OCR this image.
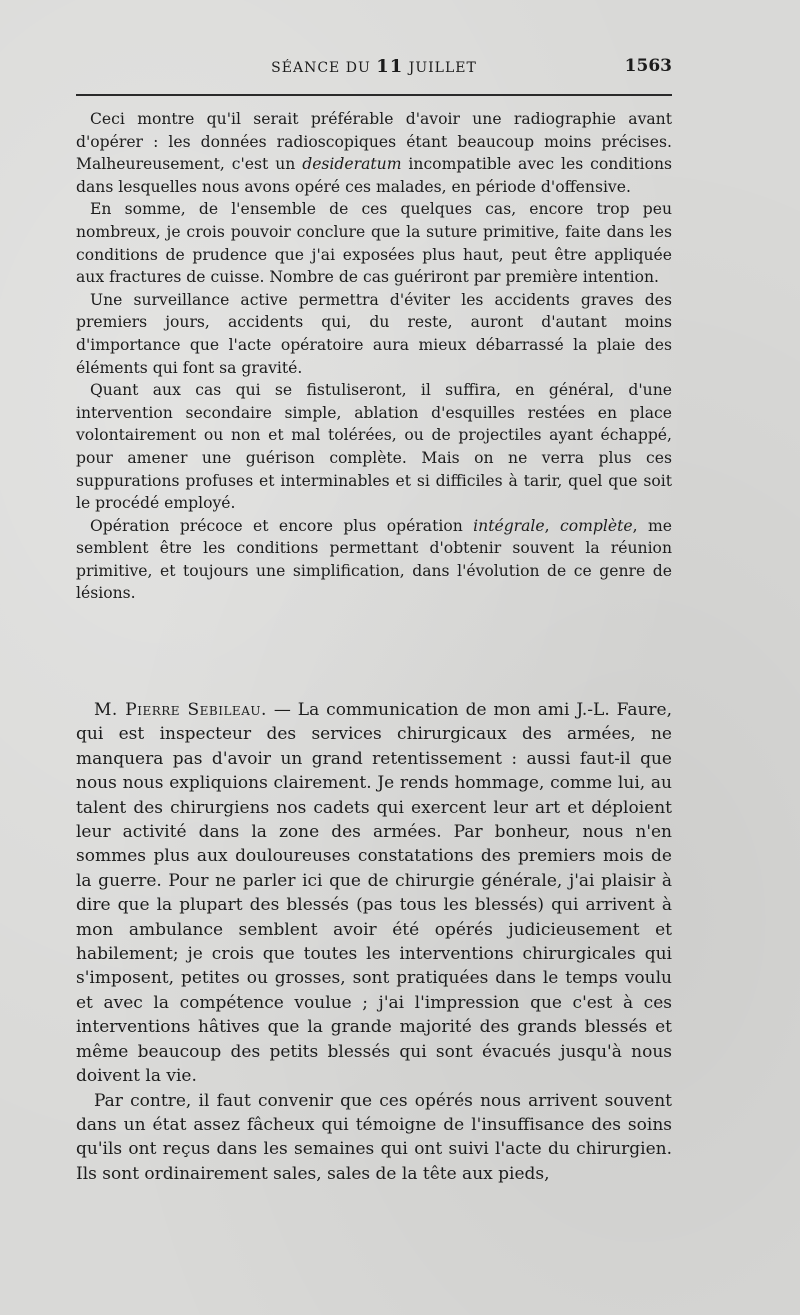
SÉANCE DU 11 JUILLET	1563

Ceci montre qu'il serait préférable d'avoir une radiographie avant d'opérer : les données radioscopiques étant beaucoup moins précises. Malheureusement, c'est un desideratum incompatible avec les conditions dans lesquelles nous avons opéré ces malades, en période d'offensive.

En somme, de l'ensemble de ces quelques cas, encore trop peu nombreux, je crois pouvoir conclure que la suture primitive, faite dans les conditions de prudence que j'ai exposées plus haut, peut être appliquée aux fractures de cuisse. Nombre de cas guériront par première intention.

Une surveillance active permettra d'éviter les accidents graves des premiers jours, accidents qui, du reste, auront d'autant moins d'importance que l'acte opératoire aura mieux débarrassé la plaie des éléments qui font sa gravité.

Quant aux cas qui se fistuliseront, il suffira, en général, d'une intervention secondaire simple, ablation d'esquilles restées en place volontairement ou non et mal tolérées, ou de projectiles ayant échappé, pour amener une guérison complète. Mais on ne verra plus ces suppurations profuses et interminables et si difficiles à tarir, quel que soit le procédé employé.

Opération précoce et encore plus opération intégrale, complète, me semblent être les conditions permettant d'obtenir souvent la réunion primitive, et toujours une simplification, dans l'évolution de ce genre de lésions.

M. Pierre Sebileau. — La communication de mon ami J.-L. Faure, qui est inspecteur des services chirurgicaux des armées, ne manquera pas d'avoir un grand retentissement : aussi faut-il que nous nous expliquions clairement. Je rends hommage, comme lui, au talent des chirurgiens nos cadets qui exercent leur art et déploient leur activité dans la zone des armées. Par bonheur, nous n'en sommes plus aux douloureuses constatations des premiers mois de la guerre. Pour ne parler ici que de chirurgie générale, j'ai plaisir à dire que la plupart des blessés (pas tous les blessés) qui arrivent à mon ambulance semblent avoir été opérés judicieusement et habilement; je crois que toutes les interventions chirurgicales qui s'imposent, petites ou grosses, sont pratiquées dans le temps voulu et avec la compétence voulue ; j'ai l'impression que c'est à ces interventions hâtives que la grande majorité des grands blessés et même beaucoup des petits blessés qui sont évacués jusqu'à nous doivent la vie.

Par contre, il faut convenir que ces opérés nous arrivent souvent dans un état assez fâcheux qui témoigne de l'insuffisance des soins qu'ils ont reçus dans les semaines qui ont suivi l'acte du chirurgien. Ils sont ordinairement sales, sales de la tête aux pieds,
